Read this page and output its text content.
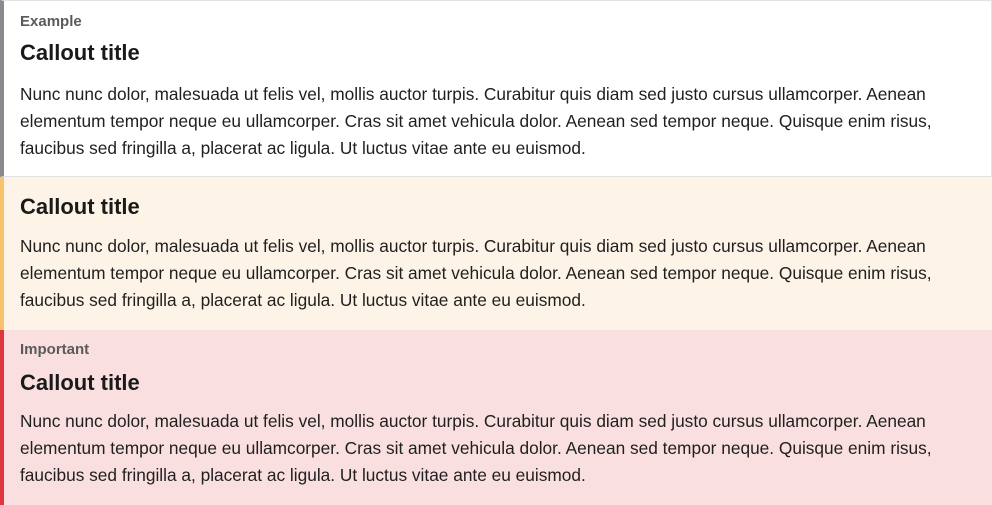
Example
Callout title

Nunc nunc dolor, malesuada ut felis vel, mollis auctor turpis. Curabitur quis diam sed justo cursus ullamcorper. Aenean elementum tempor neque eu ullamcorper. Cras sit amet vehicula dolor. Aenean sed tempor neque. Quisque enim risus, faucibus sed fringilla a, placerat ac ligula. Ut luctus vitae ante eu euismod.

Callout title

Nunc nunc dolor, malesuada ut felis vel, mollis auctor turpis. Curabitur quis diam sed justo cursus ullamcorper. Aenean elementum tempor neque eu ullamcorper. Cras sit amet vehicula dolor. Aenean sed tempor neque. Quisque enim risus, faucibus sed fringilla a, placerat ac ligula. Ut luctus vitae ante eu euismod.

Important
Callout title

Nunc nunc dolor, malesuada ut felis vel, mollis auctor turpis. Curabitur quis diam sed justo cursus ullamcorper. Aenean elementum tempor neque eu ullamcorper. Cras sit amet vehicula dolor. Aenean sed tempor neque. Quisque enim risus, faucibus sed fringilla a, placerat ac ligula. Ut luctus vitae ante eu euismod.
